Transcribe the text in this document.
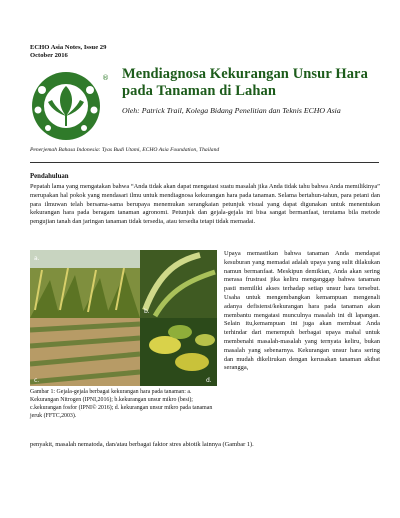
ECHO Asia Notes, Issue 29
October 2016
® Mendiagnosa Kekurangan Unsur Hara pada Tanaman di Lahan
Oleh: Patrick Trail, Kolega Bidang Penelitian dan Teknis ECHO Asia
Penerjemah Bahasa Indonesia: Tyas Budi Utami, ECHO Asia Foundation, Thailand
Pendahuluan
Pepatah lama yang mengatakan bahwa “Anda tidak akan dapat mengatasi suatu masalah jika Anda tidak tahu bahwa Anda memilikinya” merupakan hal pokok yang mendasari ilmu untuk mendiagnosa kekurangan hara pada tanaman. Selama bertahun-tahun, para petani dan para ilmuwan telah bersama-sama berupaya menemukan serangkaian petunjuk visual yang dapat digunakan untuk menentukan kekurangan hara pada beragam tanaman agronomi. Petunjuk dan gejala-gejala ini bisa sangat bermanfaat, terutama bila metode pengujian tanah dan jaringan tanaman tidak tersedia, atau tersedia tetapi tidak memadai.
b.
c.	d.
a.
Gambar 1: Gejala-gejala berbagai kekurangan hara pada tanaman: a. Kekurangan Nitrogen (IPNI,2016); b.kekurangan unsur mikro (besi); c.kekurangan fosfor (IPNI© 2016); d. kekurangan unsur mikro pada tanaman jeruk (FFTC,2003).
Upaya memastikan bahwa tanaman Anda mendapat kesuburan yang memadai adalah upaya yang sulit dilakukan namun bermanfaat. Meskipun demikian, Anda akan sering merasa frustrasi jika keliru menganggap bahwa tanaman pasti memiliki akses terhadap setiap unsur hara tersebut. Usaha untuk mengembangkan kemampuan mengenali adanya defisiensi/kekurangan hara pada tanaman akan membantu mengatasi munculnya masalah ini di lapangan. Selain itu,kemampuan ini juga akan membuat Anda terhindar dari menempuh berbagai upaya mahal untuk membenahi masalah-masalah yang ternyata keliru, bukan masalah yang sebenarnya. Kekurangan unsur hara sering dan mudah dikelirukan dengan kerusakan tanaman akibat serangga,
penyakit, masalah nematoda, dan/atau berbagai faktor stres abiotik lainnya (Gambar 1).
